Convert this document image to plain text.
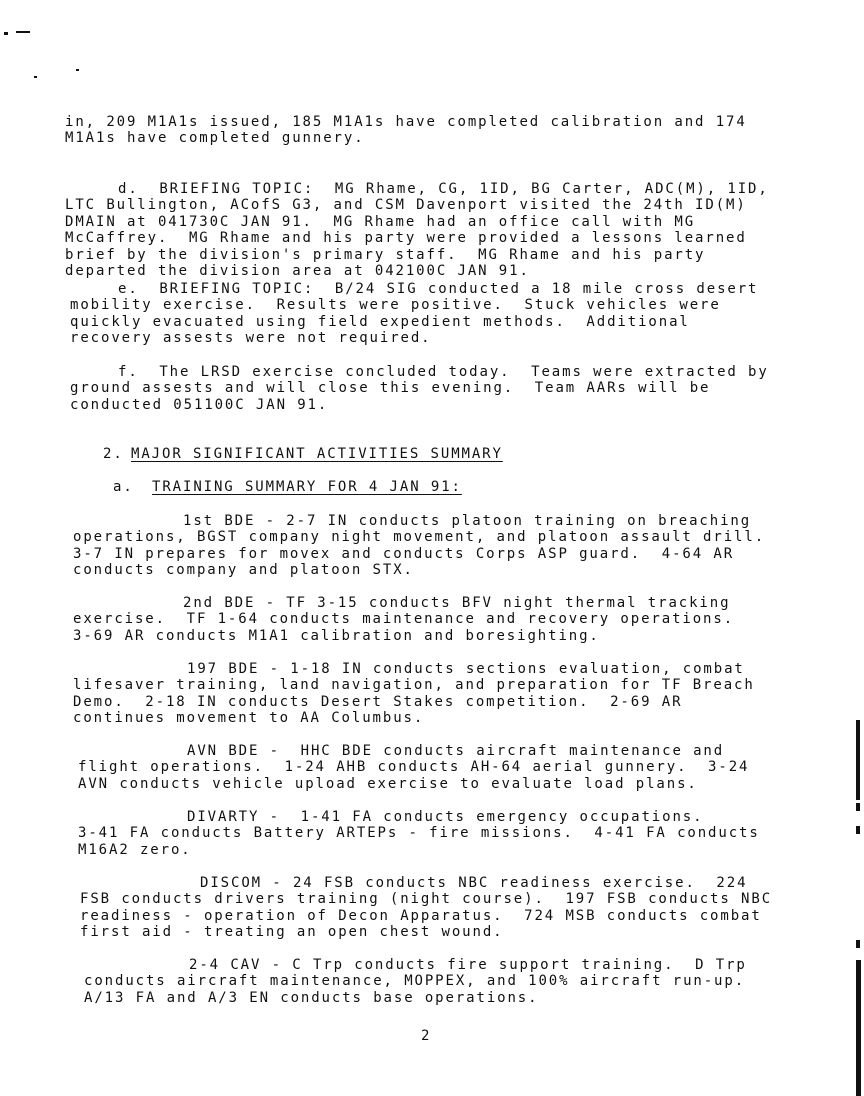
2. MAJOR SIGNIFICANT ACTIVITIES SUMMARY
a. TRAINING SUMMARY FOR 4 JAN 91:
2
in, 209 M1A1s issued, 185 M1A1s have completed calibration and 174
M1A1s have completed gunnery.
d.  BRIEFING TOPIC:  MG Rhame, CG, 1ID, BG Carter, ADC(M), 1ID,
LTC Bullington, ACofS G3, and CSM Davenport visited the 24th ID(M)
DMAIN at 041730C JAN 91.  MG Rhame had an office call with MG
McCaffrey.  MG Rhame and his party were provided a lessons learned
brief by the division's primary staff.  MG Rhame and his party
departed the division area at 042100C JAN 91.
e.  BRIEFING TOPIC:  B/24 SIG conducted a 18 mile cross desert
mobility exercise.  Results were positive.  Stuck vehicles were
quickly evacuated using field expedient methods.  Additional
recovery assests were not required.
f.  The LRSD exercise concluded today.  Teams were extracted by
ground assests and will close this evening.  Team AARs will be
conducted 051100C JAN 91.
1st BDE - 2-7 IN conducts platoon training on breaching
operations, BGST company night movement, and platoon assault drill.
3-7 IN prepares for movex and conducts Corps ASP guard.  4-64 AR
conducts company and platoon STX.
2nd BDE - TF 3-15 conducts BFV night thermal tracking
exercise.  TF 1-64 conducts maintenance and recovery operations.
3-69 AR conducts M1A1 calibration and boresighting.
197 BDE - 1-18 IN conducts sections evaluation, combat
lifesaver training, land navigation, and preparation for TF Breach
Demo.  2-18 IN conducts Desert Stakes competition.  2-69 AR
continues movement to AA Columbus.
AVN BDE -  HHC BDE conducts aircraft maintenance and
flight operations.  1-24 AHB conducts AH-64 aerial gunnery.  3-24
AVN conducts vehicle upload exercise to evaluate load plans.
DIVARTY -  1-41 FA conducts emergency occupations.
3-41 FA conducts Battery ARTEPs - fire missions.  4-41 FA conducts
M16A2 zero.
DISCOM - 24 FSB conducts NBC readiness exercise.  224
FSB conducts drivers training (night course).  197 FSB conducts NBC
readiness - operation of Decon Apparatus.  724 MSB conducts combat
first aid - treating an open chest wound.
2-4 CAV - C Trp conducts fire support training.  D Trp
conducts aircraft maintenance, MOPPEX, and 100% aircraft run-up.
A/13 FA and A/3 EN conducts base operations.
